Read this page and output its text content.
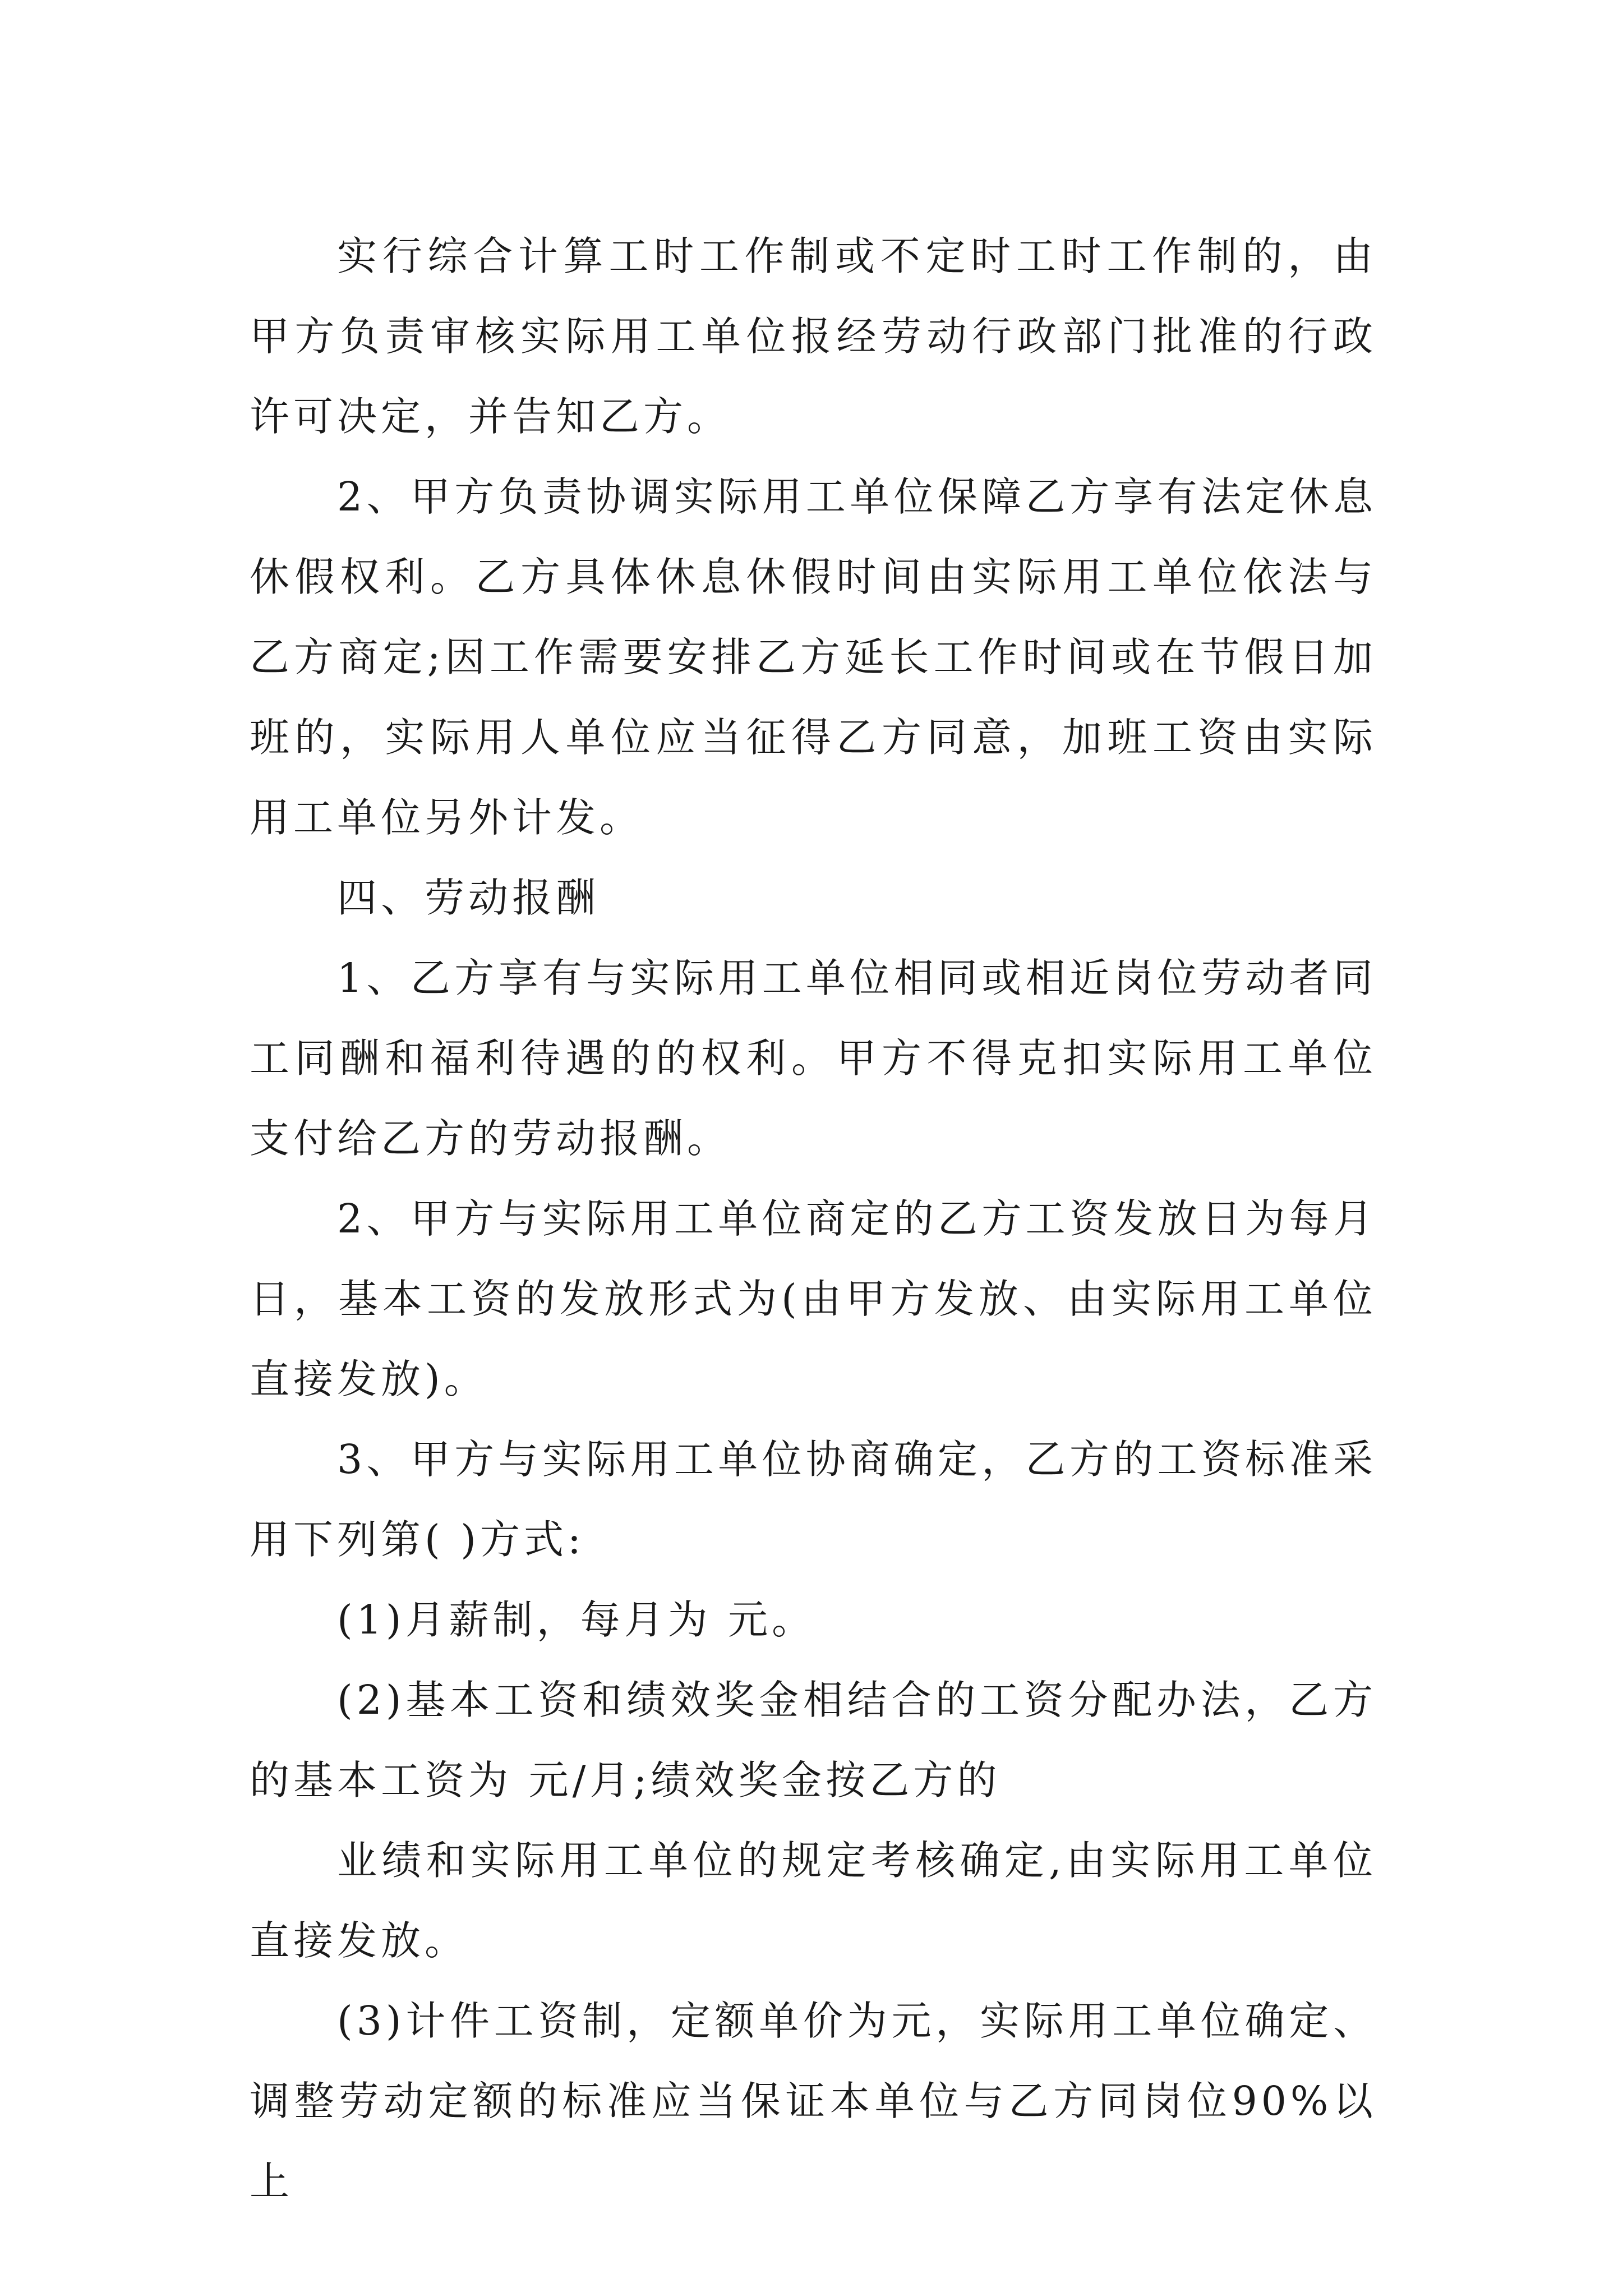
实行综合计算工时工作制或不定时工时工作制的，由甲方负责审核实际用工单位报经劳动行政部门批准的行政许可决定，并告知乙方。

2、甲方负责协调实际用工单位保障乙方享有法定休息休假权利。乙方具体休息休假时间由实际用工单位依法与乙方商定;因工作需要安排乙方延长工作时间或在节假日加班的，实际用人单位应当征得乙方同意，加班工资由实际用工单位另外计发。

四、劳动报酬

1、乙方享有与实际用工单位相同或相近岗位劳动者同工同酬和福利待遇的的权利。甲方不得克扣实际用工单位支付给乙方的劳动报酬。

2、甲方与实际用工单位商定的乙方工资发放日为每月日，基本工资的发放形式为(由甲方发放、由实际用工单位直接发放)。

3、甲方与实际用工单位协商确定，乙方的工资标准采用下列第( )方式:

(1)月薪制，每月为 元。

(2)基本工资和绩效奖金相结合的工资分配办法，乙方的基本工资为 元/月;绩效奖金按乙方的

业绩和实际用工单位的规定考核确定,由实际用工单位直接发放。

(3)计件工资制，定额单价为元，实际用工单位确定、调整劳动定额的标准应当保证本单位与乙方同岗位90%以上
